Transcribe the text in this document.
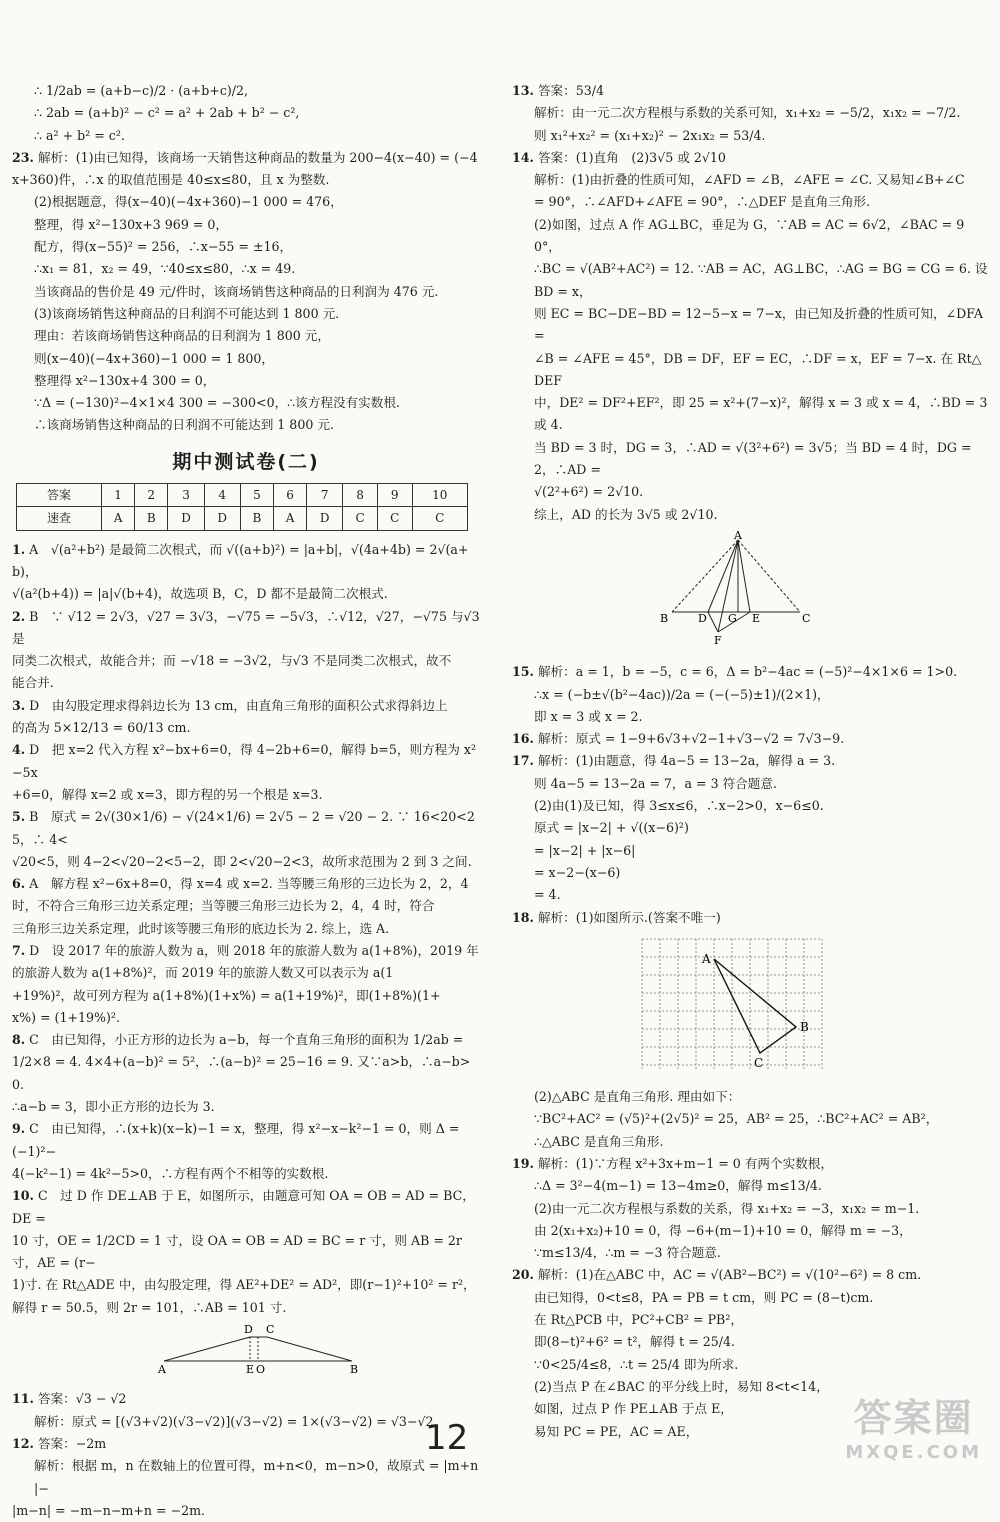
∴ 1/2ab = (a+b−c)/2 · (a+b+c)/2,
∴ 2ab = (a+b)² − c² = a² + 2ab + b² − c²,
∴ a² + b² = c².
23. 解析：(1)由已知得，该商场一天销售这种商品的数量为 200−4(x−40) = (−4x+360)件，∴x 的取值范围是 40≤x≤80，且 x 为整数.
(2)根据题意，得(x−40)(−4x+360)−1 000 = 476，
整理，得 x²−130x+3 969 = 0，
配方，得(x−55)² = 256，∴x−55 = ±16，
∴x₁ = 81，x₂ = 49，∵40≤x≤80，∴x = 49.
当该商品的售价是 49 元/件时，该商场销售这种商品的日利润为 476 元.
(3)该商场销售这种商品的日利润不可能达到 1 800 元.
理由：若该商场销售这种商品的日利润为 1 800 元，
则(x−40)(−4x+360)−1 000 = 1 800，
整理得 x²−130x+4 300 = 0，
∵Δ = (−130)²−4×1×4 300 = −300<0，∴该方程没有实数根.
∴该商场销售这种商品的日利润不可能达到 1 800 元.
期中测试卷(二)
答案	1	2	3	4	5	6	7	8	9	10
速查	A	B	D	D	B	A	D	C	C	C
1. A　√(a²+b²) 是最简二次根式，而 √((a+b)²) = |a+b|，√(4a+4b) = 2√(a+b)，
√(a²(b+4)) = |a|√(b+4)，故选项 B，C，D 都不是最简二次根式.
2. B　∵ √12 = 2√3，√27 = 3√3，−√75 = −5√3，∴√12，√27，−√75 与√3 是
同类二次根式，故能合并；而 −√18 = −3√2，与√3 不是同类二次根式，故不
能合并.
3. D　由勾股定理求得斜边长为 13 cm，由直角三角形的面积公式求得斜边上
的高为 5×12/13 = 60/13 cm.
4. D　把 x=2 代入方程 x²−bx+6=0，得 4−2b+6=0，解得 b=5，则方程为 x²−5x
+6=0，解得 x=2 或 x=3，即方程的另一个根是 x=3.
5. B　原式 = 2√(30×1/6) − √(24×1/6) = 2√5 − 2 = √20 − 2. ∵ 16<20<25，∴ 4<
√20<5，则 4−2<√20−2<5−2，即 2<√20−2<3，故所求范围为 2 到 3 之间.
6. A　解方程 x²−6x+8=0，得 x=4 或 x=2. 当等腰三角形的三边长为 2，2，4
时，不符合三角形三边关系定理；当等腰三角形三边长为 2，4，4 时，符合
三角形三边关系定理，此时该等腰三角形的底边长为 2. 综上，选 A.
7. D　设 2017 年的旅游人数为 a，则 2018 年的旅游人数为 a(1+8%)，2019 年
的旅游人数为 a(1+8%)²，而 2019 年的旅游人数又可以表示为 a(1
+19%)²，故可列方程为 a(1+8%)(1+x%) = a(1+19%)²，即(1+8%)(1+
x%) = (1+19%)².
8. C　由已知得，小正方形的边长为 a−b，每一个直角三角形的面积为 1/2ab =
1/2×8 = 4. 4×4+(a−b)² = 5²，∴(a−b)² = 25−16 = 9. 又∵a>b，∴a−b>0.
∴a−b = 3，即小正方形的边长为 3.
9. C　由已知得，∴(x+k)(x−k)−1 = x，整理，得 x²−x−k²−1 = 0，则 Δ = (−1)²−
4(−k²−1) = 4k²−5>0，∴方程有两个不相等的实数根.
10. C　过 D 作 DE⊥AB 于 E，如图所示，由题意可知 OA = OB = AD = BC，DE =
10 寸，OE = 1/2CD = 1 寸，设 OA = OB = AD = BC = r 寸，则 AB = 2r 寸，AE = (r−
1)寸. 在 Rt△ADE 中，由勾股定理，得 AE²+DE² = AD²，即(r−1)²+10² = r²，
解得 r = 50.5，则 2r = 101，∴AB = 101 寸.
D C
A	E O	B
11. 答案：√3 − √2
解析：原式 = [(√3+√2)(√3−√2)](√3−√2) = 1×(√3−√2) = √3−√2.
12. 答案：−2m
解析：根据 m，n 在数轴上的位置可得，m+n<0，m−n>0，故原式 = |m+n|−
|m−n| = −m−n−m+n = −2m.
13. 答案：53/4
解析：由一元二次方程根与系数的关系可知，x₁+x₂ = −5/2，x₁x₂ = −7/2.
则 x₁²+x₂² = (x₁+x₂)² − 2x₁x₂ = 53/4.
14. 答案：(1)直角　(2)3√5 或 2√10
解析：(1)由折叠的性质可知，∠AFD = ∠B，∠AFE = ∠C. 又易知∠B+∠C
= 90°，∴∠AFD+∠AFE = 90°，∴△DEF 是直角三角形.
(2)如图，过点 A 作 AG⊥BC，垂足为 G，∵AB = AC = 6√2，∠BAC = 90°，
∴BC = √(AB²+AC²) = 12. ∵AB = AC，AG⊥BC，∴AG = BG = CG = 6. 设 BD = x，
则 EC = BC−DE−BD = 12−5−x = 7−x，由已知及折叠的性质可知，∠DFA =
∠B = ∠AFE = 45°，DB = DF，EF = EC，∴DF = x，EF = 7−x. 在 Rt△DEF
中，DE² = DF²+EF²，即 25 = x²+(7−x)²，解得 x = 3 或 x = 4，∴BD = 3 或 4.
当 BD = 3 时，DG = 3，∴AD = √(3²+6²) = 3√5；当 BD = 4 时，DG = 2，∴AD =
√(2²+6²) = 2√10.
综上，AD 的长为 3√5 或 2√10.
A
B	D G E	C
F
15. 解析：a = 1，b = −5，c = 6，Δ = b²−4ac = (−5)²−4×1×6 = 1>0.
∴x = (−b±√(b²−4ac))/2a = (−(−5)±1)/(2×1)，
即 x = 3 或 x = 2.
16. 解析：原式 = 1−9+6√3+√2−1+√3−√2 = 7√3−9.
17. 解析：(1)由题意，得 4a−5 = 13−2a，解得 a = 3.
则 4a−5 = 13−2a = 7，a = 3 符合题意.
(2)由(1)及已知，得 3≤x≤6，∴x−2>0，x−6≤0.
原式 = |x−2| + √((x−6)²)
= |x−2| + |x−6|
= x−2−(x−6)
= 4.
18. 解析：(1)如图所示.(答案不唯一)
A
B
C
(2)△ABC 是直角三角形. 理由如下：
∵BC²+AC² = (√5)²+(2√5)² = 25，AB² = 25，∴BC²+AC² = AB²，
∴△ABC 是直角三角形.
19. 解析：(1)∵方程 x²+3x+m−1 = 0 有两个实数根，
∴Δ = 3²−4(m−1) = 13−4m≥0，解得 m≤13/4.
(2)由一元二次方程根与系数的关系，得 x₁+x₂ = −3，x₁x₂ = m−1.
由 2(x₁+x₂)+10 = 0，得 −6+(m−1)+10 = 0，解得 m = −3，
∵m≤13/4，∴m = −3 符合题意.
20. 解析：(1)在△ABC 中，AC = √(AB²−BC²) = √(10²−6²) = 8 cm.
由已知得，0<t≤8，PA = PB = t cm，则 PC = (8−t)cm.
在 Rt△PCB 中，PC²+CB² = PB²，
即(8−t)²+6² = t²，解得 t = 25/4.
∵0<25/4≤8，∴t = 25/4 即为所求.
(2)当点 P 在∠BAC 的平分线上时，易知 8<t<14，
如图，过点 P 作 PE⊥AB 于点 E，
易知 PC = PE，AC = AE，
12	答案圈
MXQE.COM
